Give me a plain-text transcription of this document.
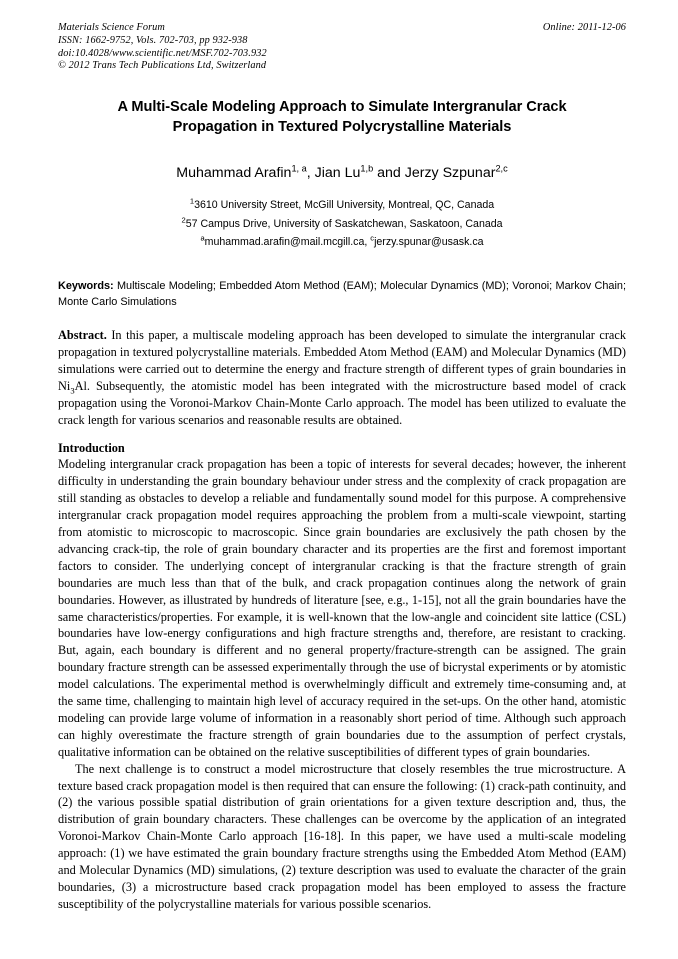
Materials Science Forum
ISSN: 1662-9752, Vols. 702-703, pp 932-938
doi:10.4028/www.scientific.net/MSF.702-703.932
© 2012 Trans Tech Publications Ltd, Switzerland
Online: 2011-12-06
A Multi-Scale Modeling Approach to Simulate Intergranular Crack
Propagation in Textured Polycrystalline Materials
Muhammad Arafin$^{1, a}$, Jian Lu$^{1,b}$ and Jerzy Szpunar$^{2,c}$
$^1$3610 University Street, McGill University, Montreal, QC, Canada
$^2$57 Campus Drive, University of Saskatchewan, Saskatoon, Canada
$^a$muhammad.arafin@mail.mcgill.ca, $^c$jerzy.spunar@usask.ca
Keywords: Multiscale Modeling; Embedded Atom Method (EAM); Molecular Dynamics (MD); Voronoi; Markov Chain; Monte Carlo Simulations
Abstract. In this paper, a multiscale modeling approach has been developed to simulate the intergranular crack propagation in textured polycrystalline materials. Embedded Atom Method (EAM) and Molecular Dynamics (MD) simulations were carried out to determine the energy and fracture strength of different types of grain boundaries in $Ni_3Al$. Subsequently, the atomistic model has been integrated with the microstructure based model of crack propagation using the Voronoi-Markov Chain-Monte Carlo approach. The model has been utilized to evaluate the crack length for various scenarios and reasonable results are obtained.
Introduction

Modeling intergranular crack propagation has been a topic of interests for several decades; however, the inherent difficulty in understanding the grain boundary behaviour under stress and the complexity of crack propagation are still standing as obstacles to develop a reliable and fundamentally sound model for this purpose. A comprehensive intergranular crack propagation model requires approaching the problem from a multi-scale viewpoint, starting from atomistic to microscopic to macroscopic. Since grain boundaries are exclusively the path chosen by the advancing crack-tip, the role of grain boundary character and its properties are the first and foremost important factors to consider. The underlying concept of intergranular cracking is that the fracture strength of grain boundaries are much less than that of the bulk, and crack propagation continues along the network of grain boundaries. However, as illustrated by hundreds of literature [see, e.g., 1-15], not all the grain boundaries have the same characteristics/properties. For example, it is well-known that the low-angle and coincident site lattice (CSL) boundaries have low-energy configurations and high fracture strengths and, therefore, are resistant to cracking. But, again, each boundary is different and no general property/fracture-strength can be assigned. The grain boundary fracture strength can be assessed experimentally through the use of bicrystal experiments or by atomistic model calculations. The experimental method is overwhelmingly difficult and extremely time-consuming and, at the same time, challenging to maintain high level of accuracy required in the set-ups. On the other hand, atomistic modeling can provide large volume of information in a reasonably short period of time. Although such approach can highly overestimate the fracture strength of grain boundaries due to the assumption of perfect crystals, qualitative information can be obtained on the relative susceptibilities of different types of grain boundaries.

The next challenge is to construct a model microstructure that closely resembles the true microstructure. A texture based crack propagation model is then required that can ensure the following: (1) crack-path continuity, and (2) the various possible spatial distribution of grain orientations for a given texture description and, thus, the distribution of grain boundary characters. These challenges can be overcome by the application of an integrated Voronoi-Markov Chain-Monte Carlo approach [16-18]. In this paper, we have used a multi-scale modeling approach: (1) we have estimated the grain boundary fracture strengths using the Embedded Atom Method (EAM) and Molecular Dynamics (MD) simulations, (2) texture description was used to evaluate the character of the grain boundaries, (3) a microstructure based crack propagation model has been employed to assess the fracture susceptibility of the polycrystalline materials for various possible scenarios.
